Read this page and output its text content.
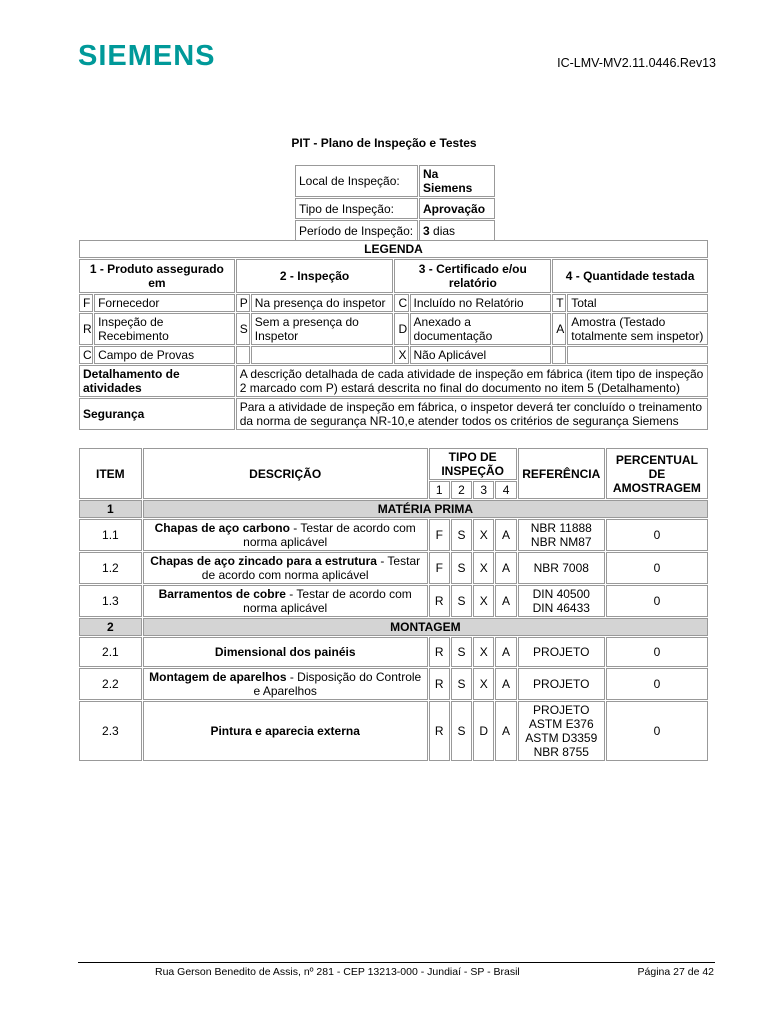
SIEMENS	IC-LMV-MV2.11.0446.Rev13
PIT - Plano de Inspeção e Testes
Local de Inspeção:	Na Siemens
Tipo de Inspeção:	Aprovação
Período de Inspeção:	3 dias
LEGENDA							
1 - Produto assegurado em		2 - Inspeção		3 - Certificado e/ou relatório		4 - Quantidade testada	
F	Fornecedor	P	Na presença do inspetor	C	Incluído no Relatório	T	Total
R	Inspeção de Recebimento	S	Sem a presença do Inspetor	D	Anexado a documentação	A	Amostra (Testado totalmente sem inspetor)
C	Campo de Provas			X	Não Aplicável		
Detalhamento de atividades		A descrição detalhada de cada atividade de inspeção em fábrica (item tipo de inspeção 2 marcado com P) estará descrita no final do documento no item 5 (Detalhamento)					
Segurança		Para a atividade de inspeção em fábrica, o inspetor deverá ter concluído o treinamento da norma de segurança NR-10,e atender todos os critérios de segurança Siemens					
ITEM	DESCRIÇÃO	TIPO DE INSPEÇÃO				REFERÊNCIA	PERCENTUAL DE AMOSTRAGEM
		1	2	3	4		
1	MATÉRIA PRIMA						
1.1	Chapas de aço carbono - Testar de acordo com norma aplicável	F	S	X	A	NBR 11888
NBR NM87	0
1.2	Chapas de aço zincado para a estrutura - Testar de acordo com norma aplicável	F	S	X	A	NBR 7008	0
1.3	Barramentos de cobre - Testar de acordo com norma aplicável	R	S	X	A	DIN 40500
DIN 46433	0
2	MONTAGEM						
2.1	Dimensional dos painéis	R	S	X	A	PROJETO	0
2.2	Montagem de aparelhos - Disposição do Controle e Aparelhos	R	S	X	A	PROJETO	0
2.3	Pintura e aparecia externa	R	S	D	A	PROJETO
ASTM E376
ASTM D3359
NBR 8755	0
Rua Gerson Benedito de Assis, nº 281 - CEP 13213-000 - Jundiaí - SP - Brasil	Página 27 de 42
